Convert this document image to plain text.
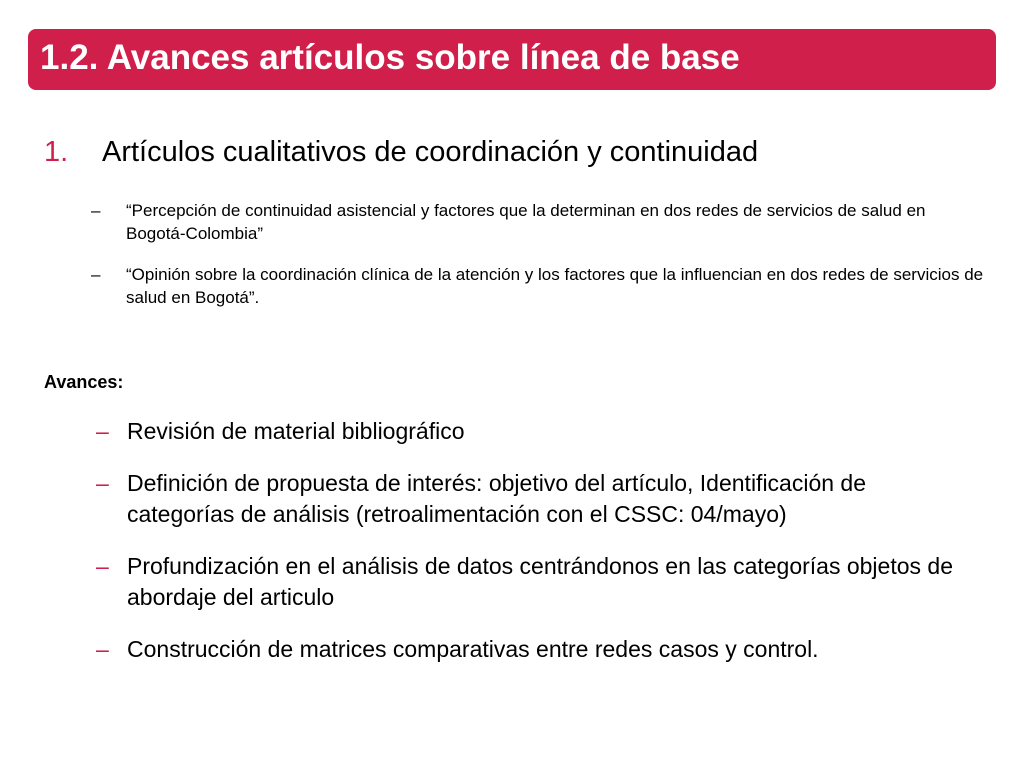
1.2. Avances artículos sobre línea de base
1. Artículos cualitativos de coordinación y continuidad
– “Percepción de continuidad asistencial y factores que la determinan en dos redes de servicios de salud en Bogotá-Colombia”
– “Opinión sobre la coordinación clínica de la atención y los factores que la influencian en dos redes de servicios de salud en Bogotá”.
Avances:
– Revisión de material bibliográfico
– Definición de propuesta de interés: objetivo del artículo, Identificación de categorías de análisis (retroalimentación con el CSSC: 04/mayo)
– Profundización en el análisis de datos centrándonos en las categorías objetos de abordaje del articulo
– Construcción de matrices comparativas entre redes casos y control.
